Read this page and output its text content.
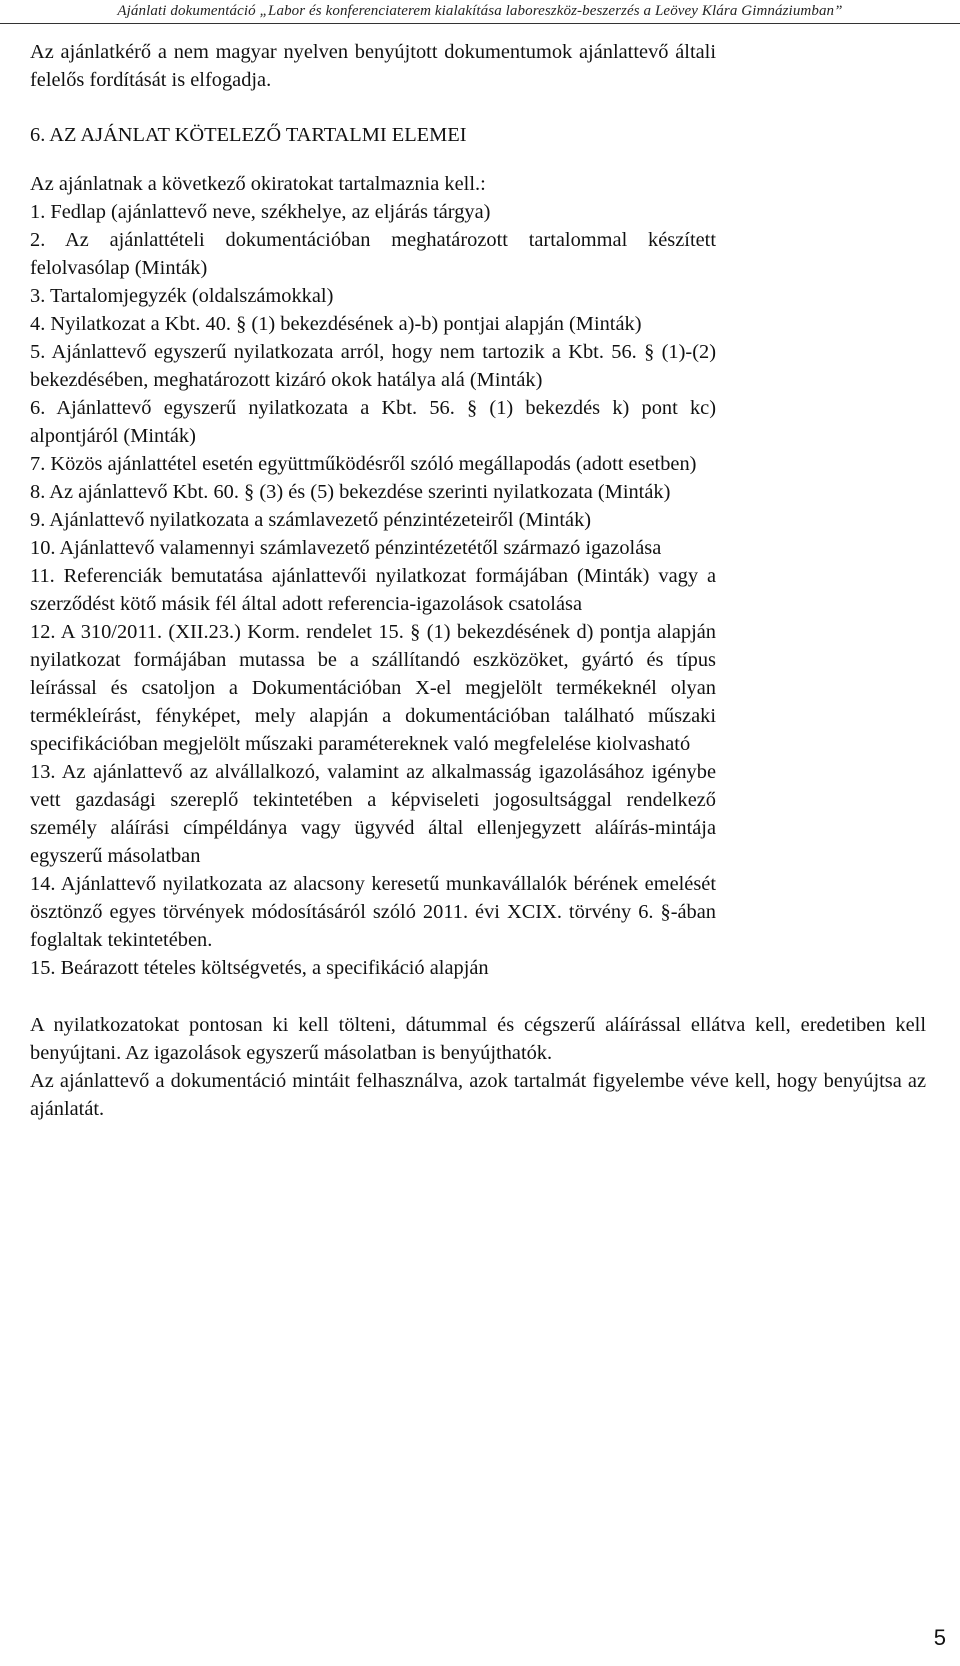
Ajánlati dokumentáció „Labor és konferenciaterem kialakítása laboreszköz-beszerzés a Leövey Klára Gimnáziumban”

Az ajánlatkérő a nem magyar nyelven benyújtott dokumentumok ajánlattevő általi felelős fordítását is elfogadja.

6. AZ AJÁNLAT KÖTELEZŐ TARTALMI ELEMEI

Az ajánlatnak a következő okiratokat tartalmaznia kell.:

1. Fedlap (ajánlattevő neve, székhelye, az eljárás tárgya)

2. Az ajánlattételi dokumentációban meghatározott tartalommal készített felolvasólap (Minták)

3. Tartalomjegyzék (oldalszámokkal)

4. Nyilatkozat a Kbt. 40. § (1) bekezdésének a)-b) pontjai alapján (Minták)

5. Ajánlattevő egyszerű nyilatkozata arról, hogy nem tartozik a Kbt. 56. § (1)-(2) bekezdésében, meghatározott kizáró okok hatálya alá (Minták)

6. Ajánlattevő egyszerű nyilatkozata a Kbt. 56. § (1) bekezdés k) pont kc) alpontjáról (Minták)

7. Közös ajánlattétel esetén együttműködésről szóló megállapodás (adott esetben)

8. Az ajánlattevő Kbt. 60. § (3) és (5) bekezdése szerinti nyilatkozata (Minták)

9. Ajánlattevő nyilatkozata a számlavezető pénzintézeteiről (Minták)

10. Ajánlattevő valamennyi számlavezető pénzintézetétől származó igazolása

11. Referenciák bemutatása ajánlattevői nyilatkozat formájában (Minták) vagy a szerződést kötő másik fél által adott referencia-igazolások csatolása

12. A 310/2011. (XII.23.) Korm. rendelet 15. § (1) bekezdésének d) pontja alapján nyilatkozat formájában mutassa be a szállítandó eszközöket, gyártó és típus leírással és csatoljon a Dokumentációban X-el megjelölt termékeknél olyan termékleírást, fényképet, mely alapján a dokumentációban található műszaki specifikációban megjelölt műszaki paramétereknek való megfelelése kiolvasható

13. Az ajánlattevő az alvállalkozó, valamint az alkalmasság igazolásához igénybe vett gazdasági szereplő tekintetében a képviseleti jogosultsággal rendelkező személy aláírási címpéldánya vagy ügyvéd által ellenjegyzett aláírás-mintája egyszerű másolatban

14. Ajánlattevő nyilatkozata az alacsony keresetű munkavállalók bérének emelését ösztönző egyes törvények módosításáról szóló 2011. évi XCIX. törvény 6. §-ában foglaltak tekintetében.

15. Beárazott tételes költségvetés, a specifikáció alapján

A nyilatkozatokat pontosan ki kell tölteni, dátummal és cégszerű aláírással ellátva kell, eredetiben kell benyújtani. Az igazolások egyszerű másolatban is benyújthatók.

Az ajánlattevő a dokumentáció mintáit felhasználva, azok tartalmát figyelembe véve kell, hogy benyújtsa az ajánlatát.

5
